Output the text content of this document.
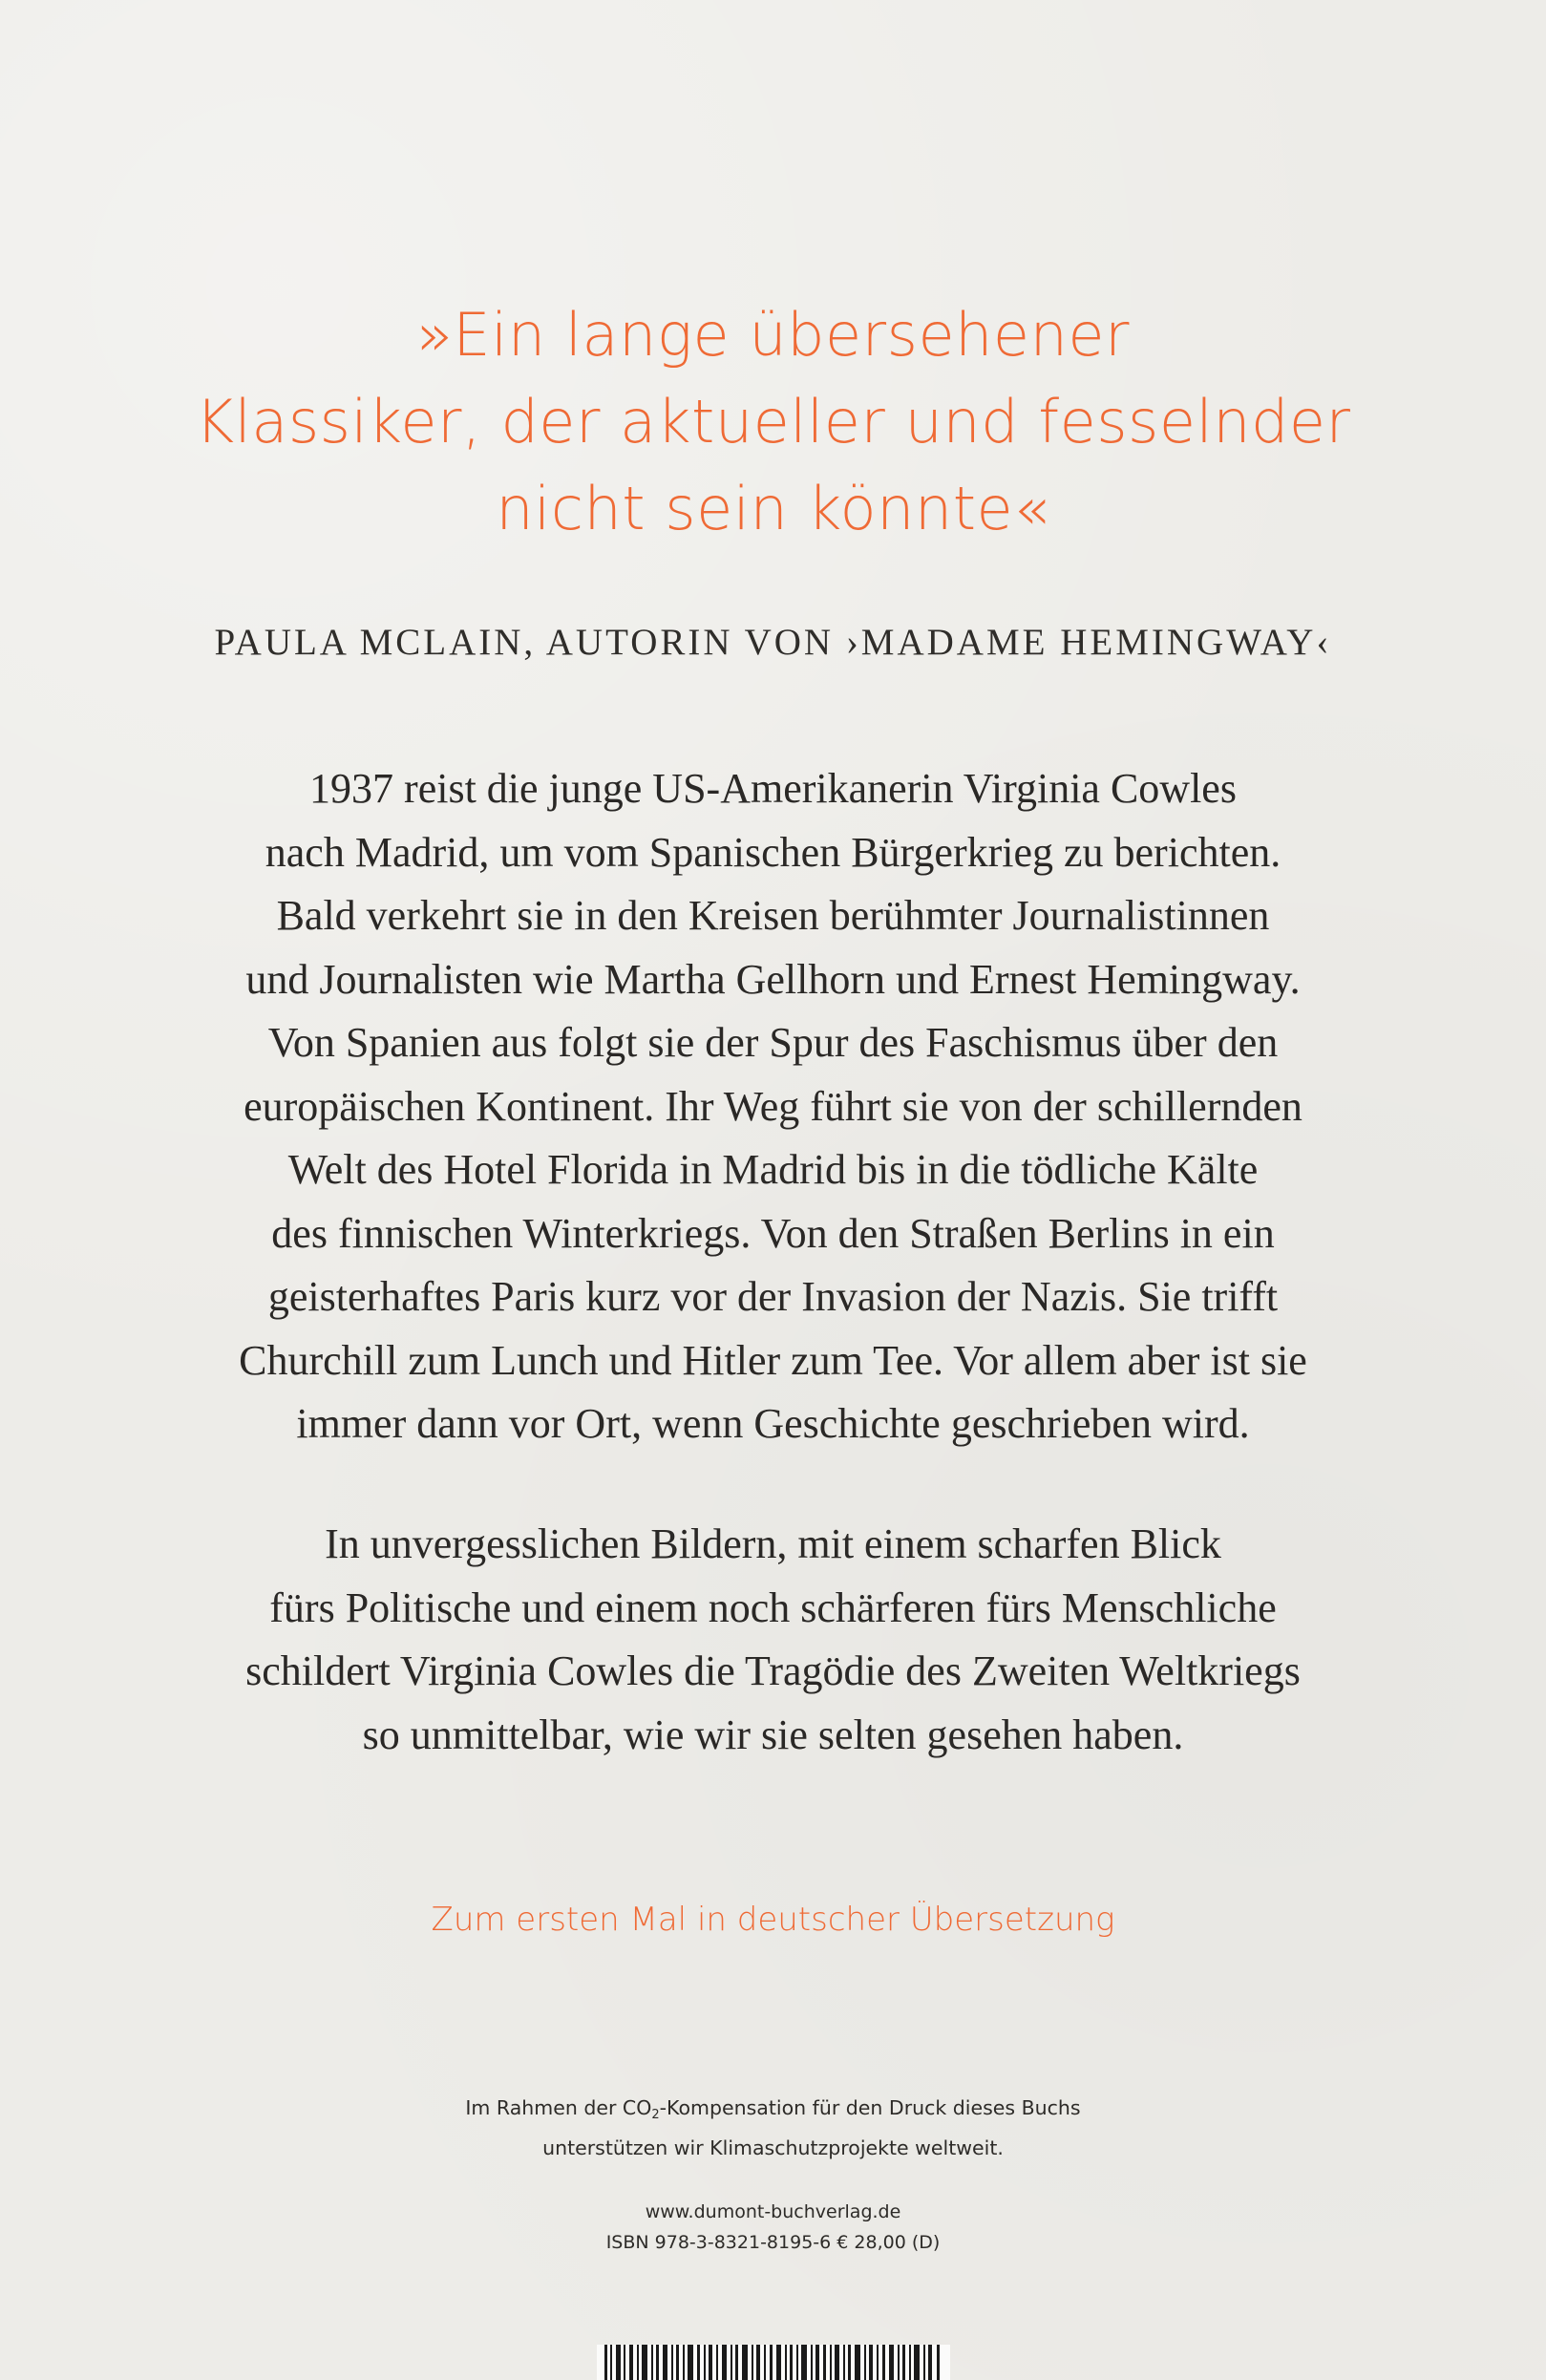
»Ein lange übersehener
Klassiker, der aktueller und fesselnder
nicht sein könnte«
PAULA MCLAIN, AUTORIN VON ›MADAME HEMINGWAY‹
1937 reist die junge US-Amerikanerin Virginia Cowles
nach Madrid, um vom Spanischen Bürgerkrieg zu berichten.
Bald verkehrt sie in den Kreisen berühmter Journalistinnen
und Journalisten wie Martha Gellhorn und Ernest Hemingway.
Von Spanien aus folgt sie der Spur des Faschismus über den
europäischen Kontinent. Ihr Weg führt sie von der schillernden
Welt des Hotel Florida in Madrid bis in die tödliche Kälte
des finnischen Winterkriegs. Von den Straßen Berlins in ein
geisterhaftes Paris kurz vor der Invasion der Nazis. Sie trifft
Churchill zum Lunch und Hitler zum Tee. Vor allem aber ist sie
immer dann vor Ort, wenn Geschichte geschrieben wird.
In unvergesslichen Bildern, mit einem scharfen Blick
fürs Politische und einem noch schärferen fürs Menschliche
schildert Virginia Cowles die Tragödie des Zweiten Weltkriegs
so unmittelbar, wie wir sie selten gesehen haben.
Zum ersten Mal in deutscher Übersetzung
Im Rahmen der $CO_2$-Kompensation für den Druck dieses Buchs
unterstützen wir Klimaschutzprojekte weltweit.
www.dumont-buchverlag.de
ISBN 978-3-8321-8195-6 € 28,00 (D)
